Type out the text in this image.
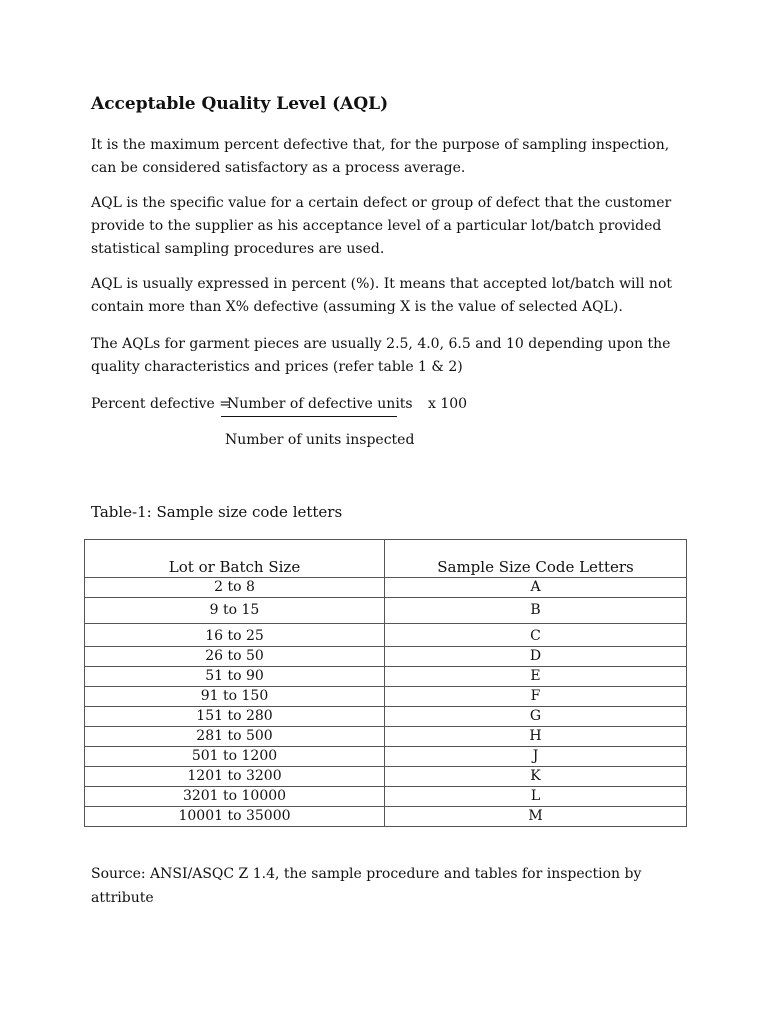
Acceptable Quality Level (AQL)

It is the maximum percent defective that, for the purpose of sampling inspection, can be considered satisfactory as a process average.

AQL is the specific value for a certain defect or group of defect that the customer provide to the supplier as his acceptance level of a particular lot/batch provided statistical sampling procedures are used.

AQL is usually expressed in percent (%). It means that accepted lot/batch will not contain more than X% defective (assuming X is the value of selected AQL).

The AQLs for garment pieces are usually 2.5, 4.0, 6.5 and 10 depending upon the quality characteristics and prices (refer table 1 & 2)

Percent defective =
Number of defective units x 100
Number of units inspected
Table-1: Sample size code letters
Lot or Batch Size	Sample Size Code Letters
2 to 8	A
9 to 15	B
16 to 25	C
26 to 50	D
51 to 90	E
91 to 150	F
151 to 280	G
281 to 500	H
501 to 1200	J
1201 to 3200	K
3201 to 10000	L
10001 to 35000	M

Source: ANSI/ASQC Z 1.4, the sample procedure and tables for inspection by attribute
